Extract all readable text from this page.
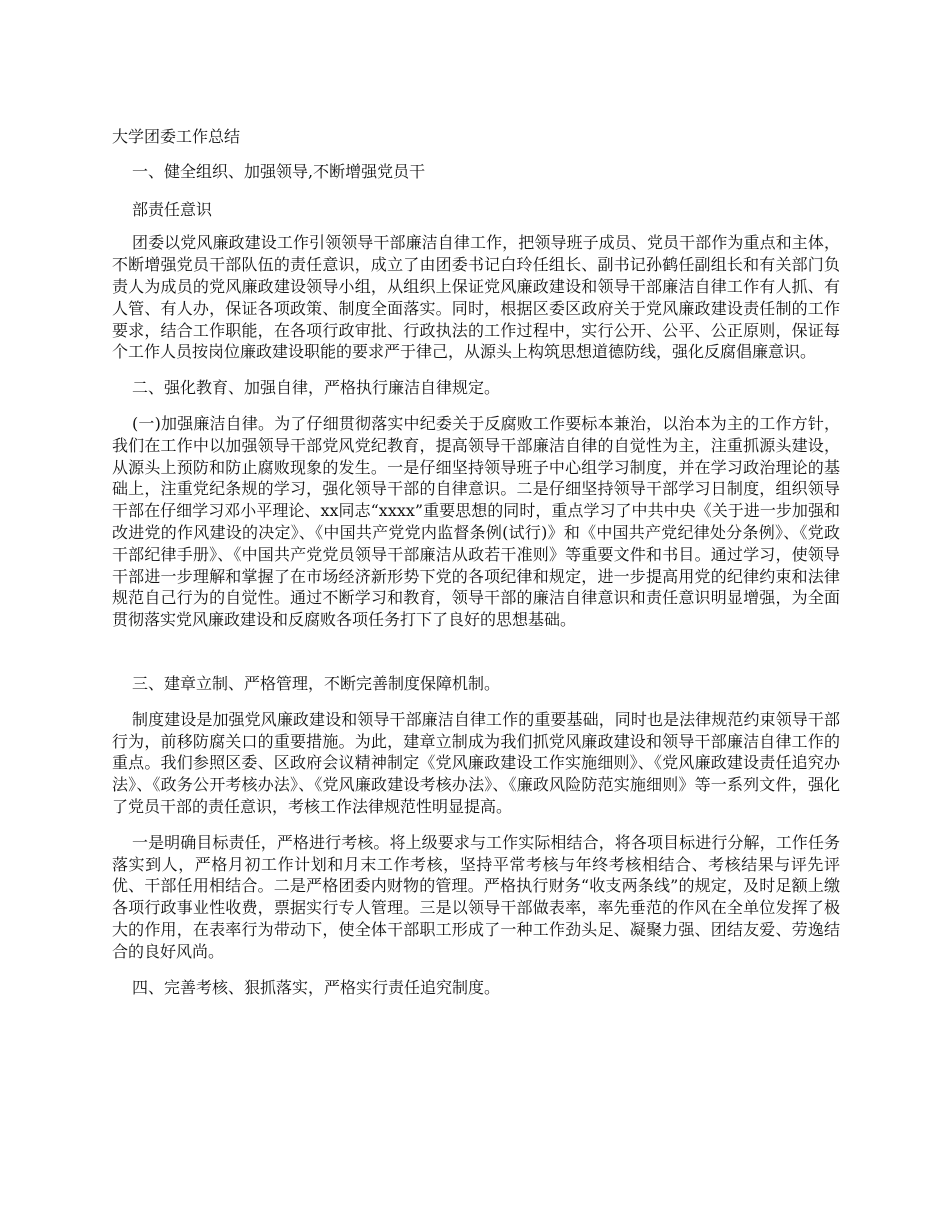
大学团委工作总结

一、健全组织、加强领导,不断增强党员干

部责任意识

团委以党风廉政建设工作引领领导干部廉洁自律工作，把领导班子成员、党员干部作为重点和主体，不断增强党员干部队伍的责任意识，成立了由团委书记白玲任组长、副书记孙鹤任副组长和有关部门负责人为成员的党风廉政建设领导小组，从组织上保证党风廉政建设和领导干部廉洁自律工作有人抓、有人管、有人办，保证各项政策、制度全面落实。同时，根据区委区政府关于党风廉政建设责任制的工作要求，结合工作职能，在各项行政审批、行政执法的工作过程中，实行公开、公平、公正原则，保证每个工作人员按岗位廉政建设职能的要求严于律己，从源头上构筑思想道德防线，强化反腐倡廉意识。

二、强化教育、加强自律，严格执行廉洁自律规定。

(一)加强廉洁自律。为了仔细贯彻落实中纪委关于反腐败工作要标本兼治，以治本为主的工作方针，我们在工作中以加强领导干部党风党纪教育，提高领导干部廉洁自律的自觉性为主，注重抓源头建设，从源头上预防和防止腐败现象的发生。一是仔细坚持领导班子中心组学习制度，并在学习政治理论的基础上，注重党纪条规的学习，强化领导干部的自律意识。二是仔细坚持领导干部学习日制度，组织领导干部在仔细学习邓小平理论、xx同志“xxxx”重要思想的同时，重点学习了中共中央《关于进一步加强和改进党的作风建设的决定》、《中国共产党党内监督条例(试行)》和《中国共产党纪律处分条例》、《党政干部纪律手册》、《中国共产党党员领导干部廉洁从政若干准则》等重要文件和书目。通过学习，使领导干部进一步理解和掌握了在市场经济新形势下党的各项纪律和规定，进一步提高用党的纪律约束和法律规范自己行为的自觉性。通过不断学习和教育，领导干部的廉洁自律意识和责任意识明显增强，为全面贯彻落实党风廉政建设和反腐败各项任务打下了良好的思想基础。

三、建章立制、严格管理，不断完善制度保障机制。

制度建设是加强党风廉政建设和领导干部廉洁自律工作的重要基础，同时也是法律规范约束领导干部行为，前移防腐关口的重要措施。为此，建章立制成为我们抓党风廉政建设和领导干部廉洁自律工作的重点。我们参照区委、区政府会议精神制定《党风廉政建设工作实施细则》、《党风廉政建设责任追究办法》、《政务公开考核办法》、《党风廉政建设考核办法》、《廉政风险防范实施细则》等一系列文件，强化了党员干部的责任意识，考核工作法律规范性明显提高。

一是明确目标责任，严格进行考核。将上级要求与工作实际相结合，将各项目标进行分解，工作任务落实到人，严格月初工作计划和月末工作考核，坚持平常考核与年终考核相结合、考核结果与评先评优、干部任用相结合。二是严格团委内财物的管理。严格执行财务“收支两条线”的规定，及时足额上缴各项行政事业性收费，票据实行专人管理。三是以领导干部做表率，率先垂范的作风在全单位发挥了极大的作用，在表率行为带动下，使全体干部职工形成了一种工作劲头足、凝聚力强、团结友爱、劳逸结合的良好风尚。

四、完善考核、狠抓落实，严格实行责任追究制度。
